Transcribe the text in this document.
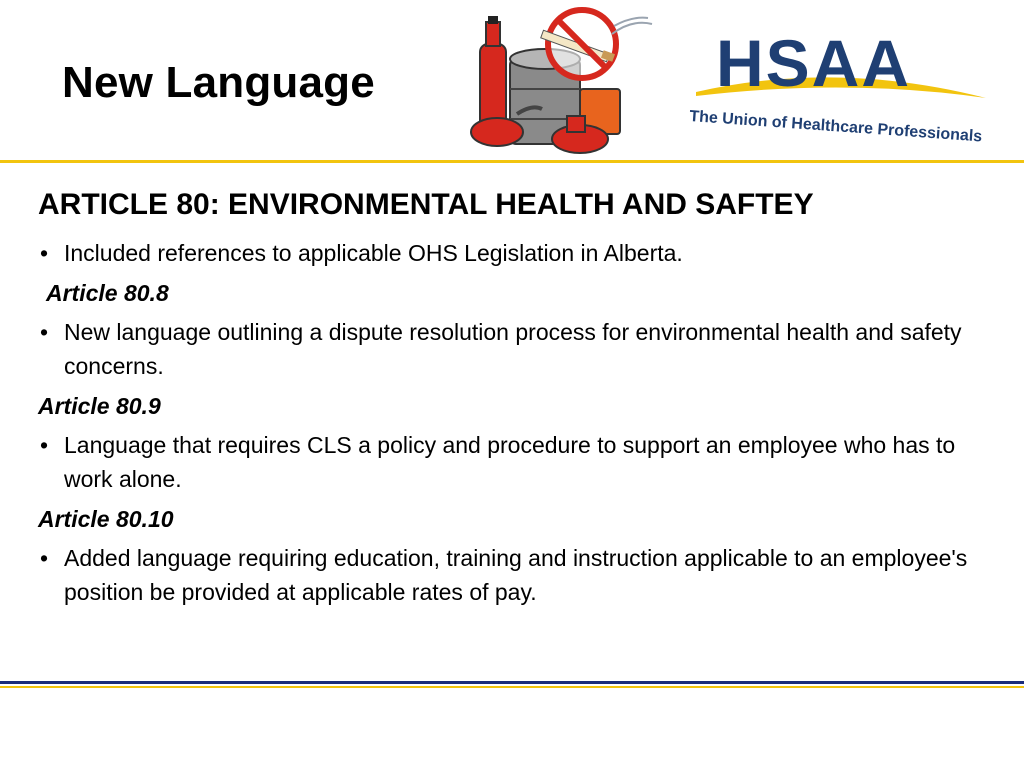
New Language	HSAA
The Union of Healthcare Professionals
ARTICLE 80: ENVIRONMENTAL HEALTH AND SAFTEY
• Included references to applicable OHS Legislation in Alberta.
Article 80.8
• New language outlining a dispute resolution process for environmental health and safety concerns.
Article 80.9
• Language that requires CLS a policy and procedure to support an employee who has to work alone.
Article 80.10
• Added language requiring education, training and instruction applicable to an employee's position be provided at applicable rates of pay.
